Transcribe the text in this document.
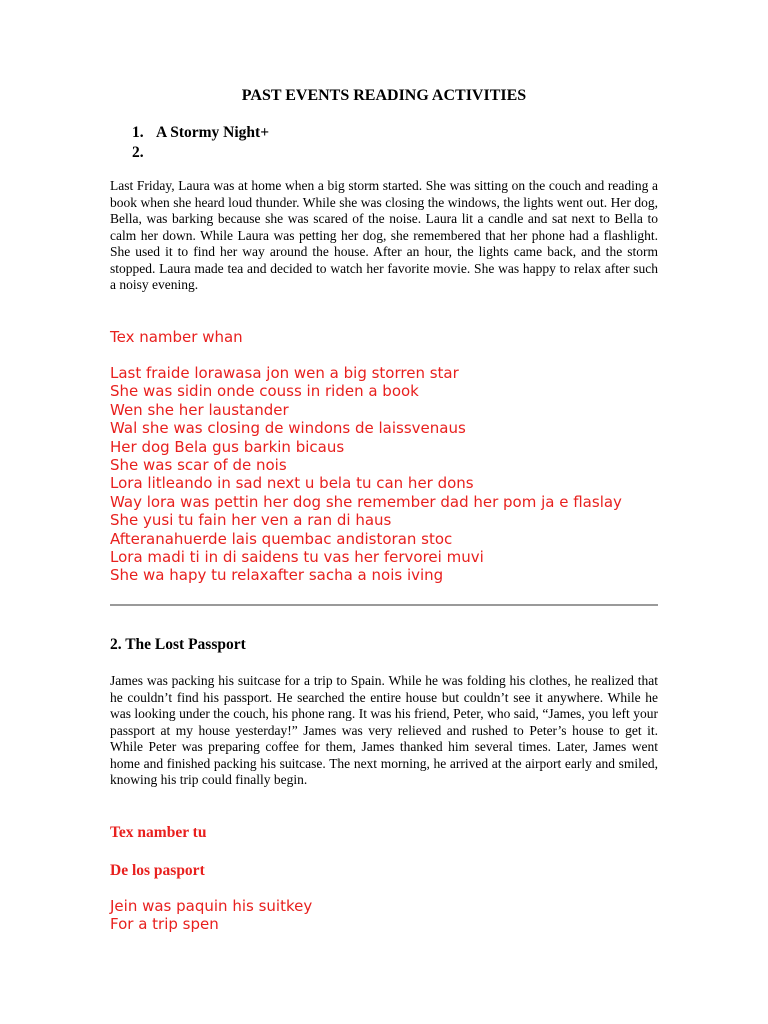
PAST EVENTS READING ACTIVITIES
1. A Stormy Night+
2.
Last Friday, Laura was at home when a big storm started. She was sitting on the couch and reading a book when she heard loud thunder. While she was closing the windows, the lights went out. Her dog, Bella, was barking because she was scared of the noise. Laura lit a candle and sat next to Bella to calm her down. While Laura was petting her dog, she remembered that her phone had a flashlight. She used it to find her way around the house. After an hour, the lights came back, and the storm stopped. Laura made tea and decided to watch her favorite movie. She was happy to relax after such a noisy evening.
Tex namber whan
Last fraide lorawasa jon wen a big storren star
She was sidin onde couss in riden a book
Wen she her laustander
Wal she was closing de windons de laissvenaus
Her dog Bela gus barkin bicaus
She was scar of de nois
Lora litleando in sad next u bela tu can her dons
Way lora was pettin her dog she remember dad her pom ja e flaslay
She yusi tu fain her ven a ran di haus
Afteranahuerde lais quembac andistoran stoc
Lora madi ti in di saidens tu vas her fervorei muvi
She wa hapy tu relaxafter sacha a nois iving
2. The Lost Passport
James was packing his suitcase for a trip to Spain. While he was folding his clothes, he realized that he couldn’t find his passport. He searched the entire house but couldn’t see it anywhere. While he was looking under the couch, his phone rang. It was his friend, Peter, who said, “James, you left your passport at my house yesterday!” James was very relieved and rushed to Peter’s house to get it. While Peter was preparing coffee for them, James thanked him several times. Later, James went home and finished packing his suitcase. The next morning, he arrived at the airport early and smiled, knowing his trip could finally begin.
Tex namber tu
De los pasport
Jein was paquin his suitkey
For a trip spen
